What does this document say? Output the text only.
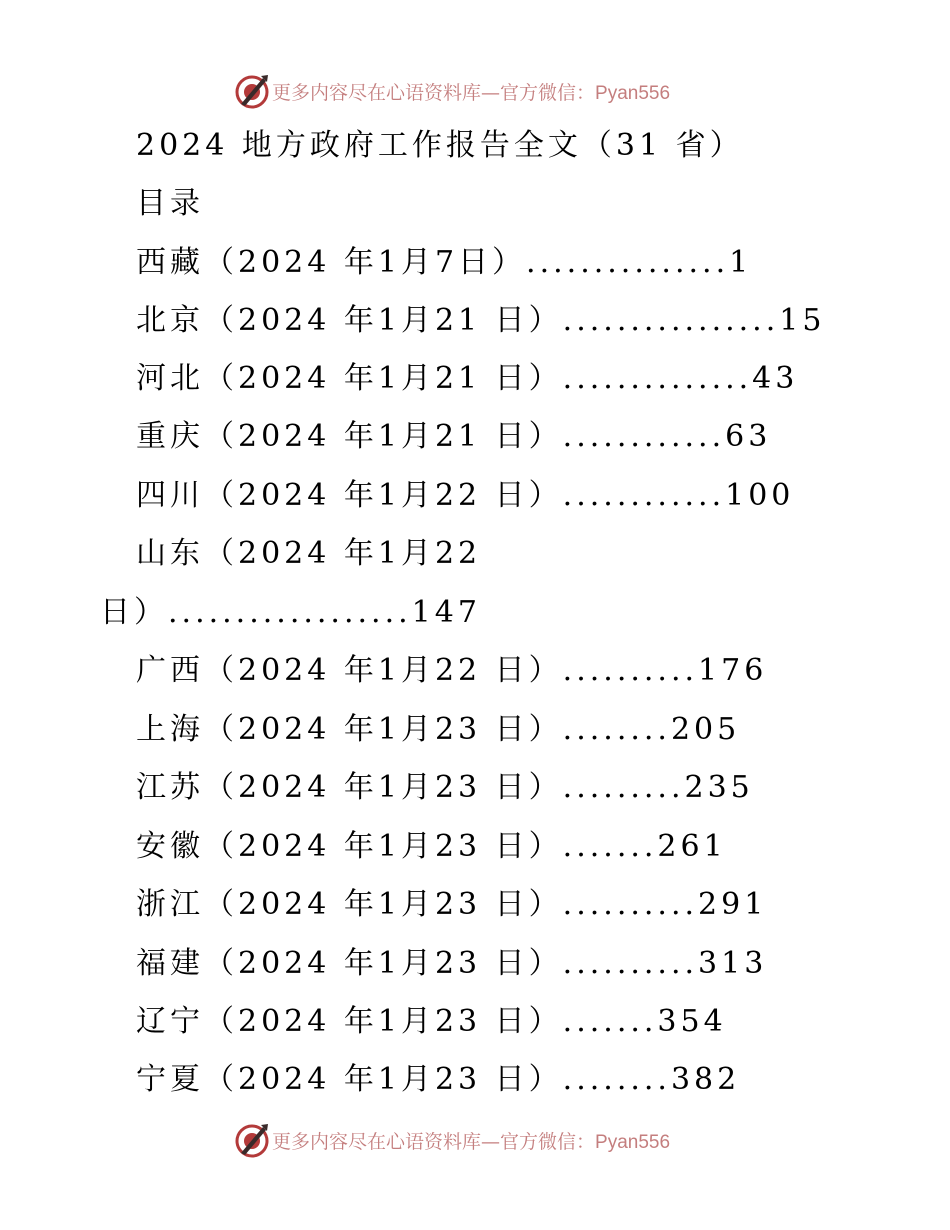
更多内容尽在心语资料库—官方微信：Pyan556
2024 地方政府工作报告全文（31 省）
目录
西藏（2024 年1月7日）...............1
北京（2024 年1月21 日）................15
河北（2024 年1月21 日）..............43
重庆（2024 年1月21 日）............63
四川（2024 年1月22 日）............100
山东（2024 年1月22
日）..................147
广西（2024 年1月22 日）..........176
上海（2024 年1月23 日）........205
江苏（2024 年1月23 日）.........235
安徽（2024 年1月23 日）.......261
浙江（2024 年1月23 日）..........291
福建（2024 年1月23 日）..........313
辽宁（2024 年1月23 日）.......354
宁夏（2024 年1月23 日）........382
更多内容尽在心语资料库—官方微信：Pyan556
